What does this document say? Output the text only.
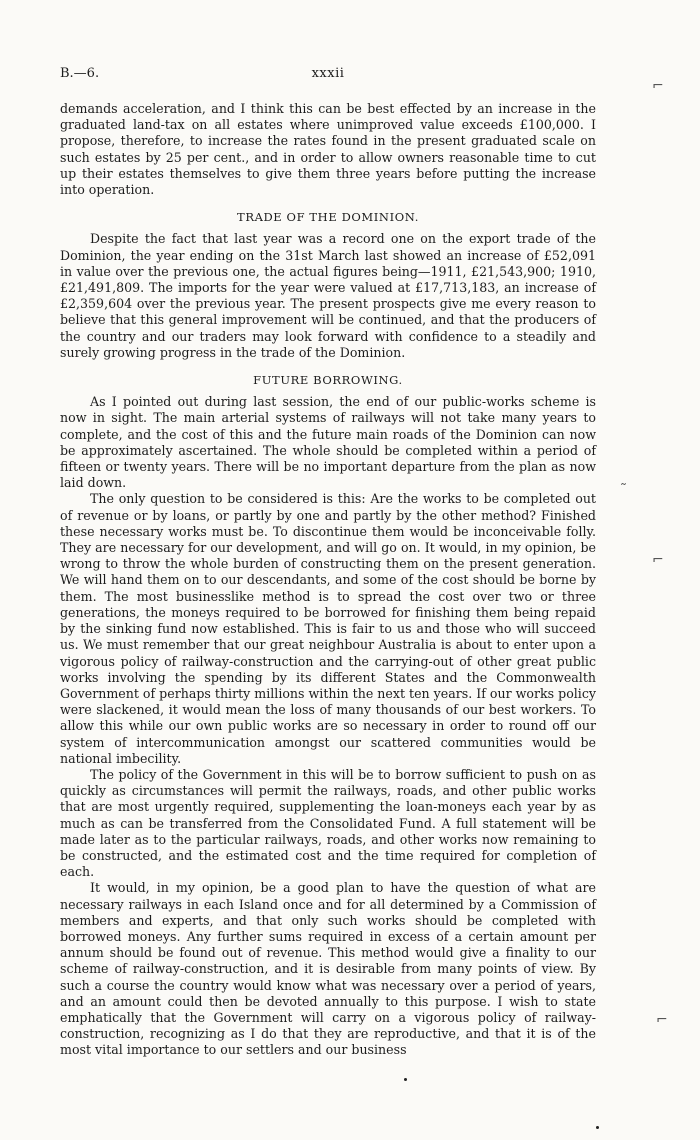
B.—6.	xxxii

demands acceleration, and I think this can be best effected by an increase in the graduated land-tax on all estates where unimproved value exceeds £100,000. I propose, therefore, to increase the rates found in the present graduated scale on such estates by 25 per cent., and in order to allow owners reasonable time to cut up their estates themselves to give them three years before putting the increase into operation.

TRADE OF THE DOMINION.

Despite the fact that last year was a record one on the export trade of the Dominion, the year ending on the 31st March last showed an increase of £52,091 in value over the previous one, the actual figures being—1911, £21,543,900; 1910, £21,491,809. The imports for the year were valued at £17,713,183, an increase of £2,359,604 over the previous year. The present prospects give me every reason to believe that this general improvement will be continued, and that the producers of the country and our traders may look forward with confidence to a steadily and surely growing progress in the trade of the Dominion.

FUTURE BORROWING.

As I pointed out during last session, the end of our public-works scheme is now in sight. The main arterial systems of railways will not take many years to complete, and the cost of this and the future main roads of the Dominion can now be approximately ascertained. The whole should be completed within a period of fifteen or twenty years. There will be no important departure from the plan as now laid down.

The only question to be considered is this: Are the works to be completed out of revenue or by loans, or partly by one and partly by the other method? Finished these necessary works must be. To discontinue them would be inconceivable folly. They are necessary for our development, and will go on. It would, in my opinion, be wrong to throw the whole burden of constructing them on the present generation. We will hand them on to our descendants, and some of the cost should be borne by them. The most businesslike method is to spread the cost over two or three generations, the moneys required to be borrowed for finishing them being repaid by the sinking fund now established. This is fair to us and those who will succeed us. We must remember that our great neighbour Australia is about to enter upon a vigorous policy of railway-construction and the carrying-out of other great public works involving the spending by its different States and the Commonwealth Government of perhaps thirty millions within the next ten years. If our works policy were slackened, it would mean the loss of many thousands of our best workers. To allow this while our own public works are so necessary in order to round off our system of intercommunication amongst our scattered communities would be national imbecility.

The policy of the Government in this will be to borrow sufficient to push on as quickly as circumstances will permit the railways, roads, and other public works that are most urgently required, supplementing the loan-moneys each year by as much as can be transferred from the Consolidated Fund. A full statement will be made later as to the particular railways, roads, and other works now remaining to be constructed, and the estimated cost and the time required for completion of each.

It would, in my opinion, be a good plan to have the question of what are necessary railways in each Island once and for all determined by a Commission of members and experts, and that only such works should be completed with borrowed moneys. Any further sums required in excess of a certain amount per annum should be found out of revenue. This method would give a finality to our scheme of railway-construction, and it is desirable from many points of view. By such a course the country would know what was necessary over a period of years, and an amount could then be devoted annually to this purpose. I wish to state emphatically that the Government will carry on a vigorous policy of railway-construction, recognizing as I do that they are reproductive, and that it is of the most vital importance to our settlers and our business

⌐
˜
⌐
⌐
